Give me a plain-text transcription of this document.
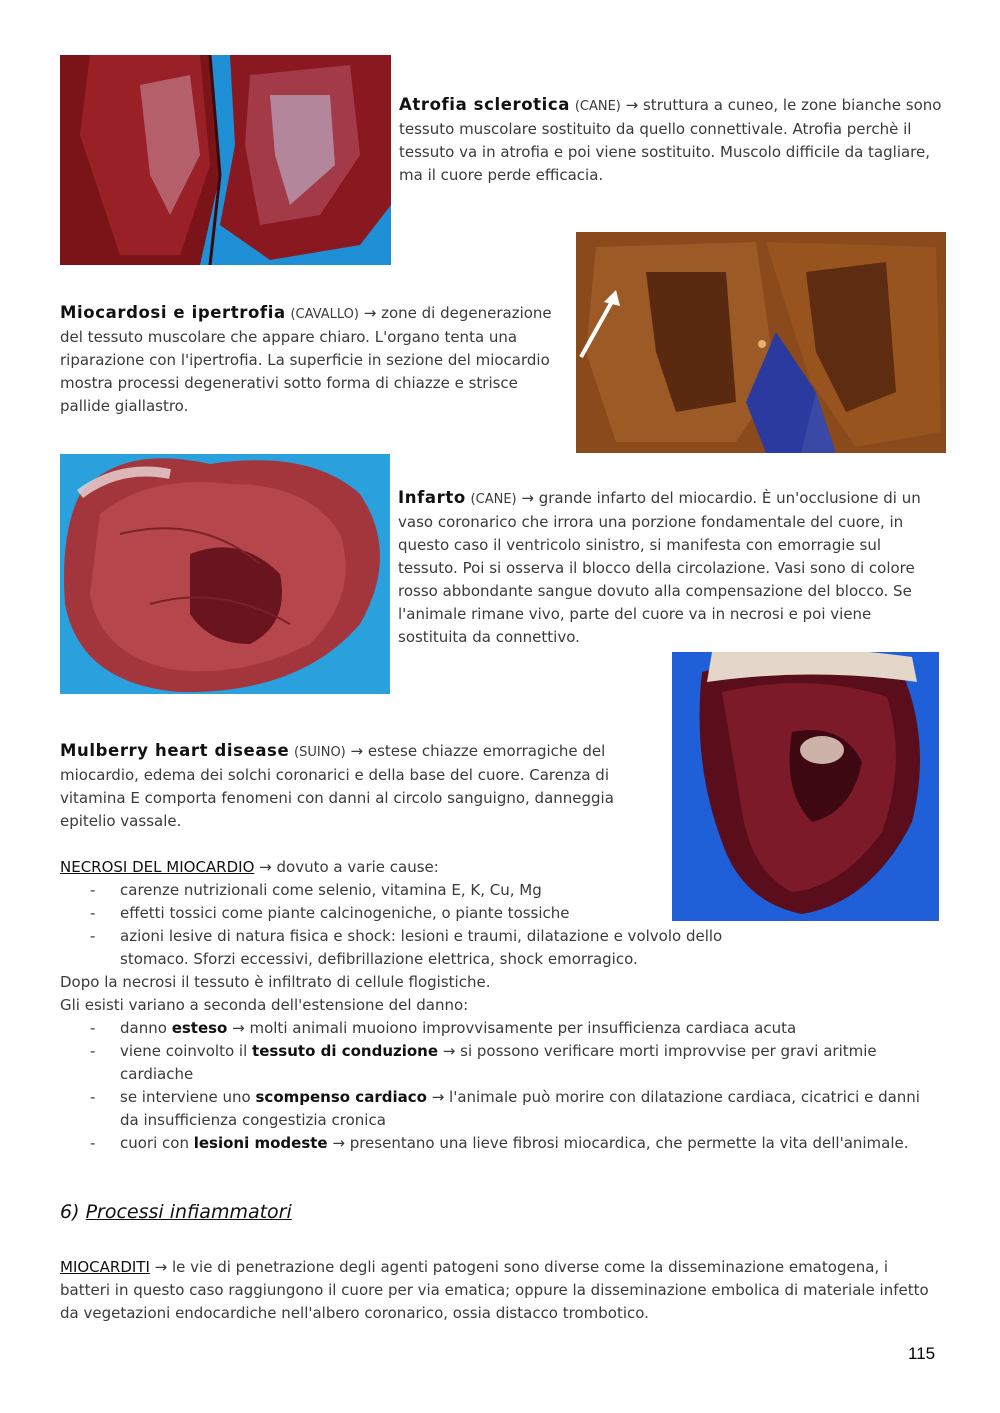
Atrofia sclerotica (CANE) → struttura a cuneo, le zone bianche sono tessuto muscolare sostituito da quello connettivale. Atrofia perchè il tessuto va in atrofia e poi viene sostituito. Muscolo difficile da tagliare, ma il cuore perde efficacia.

Miocardosi e ipertrofia (CAVALLO) → zone di degenerazione del tessuto muscolare che appare chiaro. L'organo tenta una riparazione con l'ipertrofia. La superficie in sezione del miocardio mostra processi degenerativi sotto forma di chiazze e strisce pallide giallastro.

Infarto (CANE) → grande infarto del miocardio. È un'occlusione di un vaso coronarico che irrora una porzione fondamentale del cuore, in questo caso il ventricolo sinistro, si manifesta con emorragie sul tessuto. Poi si osserva il blocco della circolazione. Vasi sono di colore rosso abbondante sangue dovuto alla compensazione del blocco. Se l'animale rimane vivo, parte del cuore va in necrosi e poi viene sostituita da connettivo.

Mulberry heart disease (SUINO) → estese chiazze emorragiche del miocardio, edema dei solchi coronarici e della base del cuore. Carenza di vitamina E comporta fenomeni con danni al circolo sanguigno, danneggia epitelio vassale.

NECROSI DEL MIOCARDIO → dovuto a varie cause:
- carenze nutrizionali come selenio, vitamina E, K, Cu, Mg
- effetti tossici come piante calcinogeniche, o piante tossiche
- azioni lesive di natura fisica e shock: lesioni e traumi, dilatazione e volvolo dello stomaco. Sforzi eccessivi, defibrillazione elettrica, shock emorragico.
Dopo la necrosi il tessuto è infiltrato di cellule flogistiche.
Gli esisti variano a seconda dell'estensione del danno:
- danno esteso → molti animali muoiono improvvisamente per insufficienza cardiaca acuta
- viene coinvolto il tessuto di conduzione → si possono verificare morti improvvise per gravi aritmie cardiache
- se interviene uno scompenso cardiaco → l'animale può morire con dilatazione cardiaca, cicatrici e danni da insufficienza congestizia cronica
- cuori con lesioni modeste → presentano una lieve fibrosi miocardica, che permette la vita dell'animale.
6) Processi infiammatori

MIOCARDITI → le vie di penetrazione degli agenti patogeni sono diverse come la disseminazione ematogena, i batteri in questo caso raggiungono il cuore per via ematica; oppure la disseminazione embolica di materiale infetto da vegetazioni endocardiche nell'albero coronarico, ossia distacco trombotico.

115
